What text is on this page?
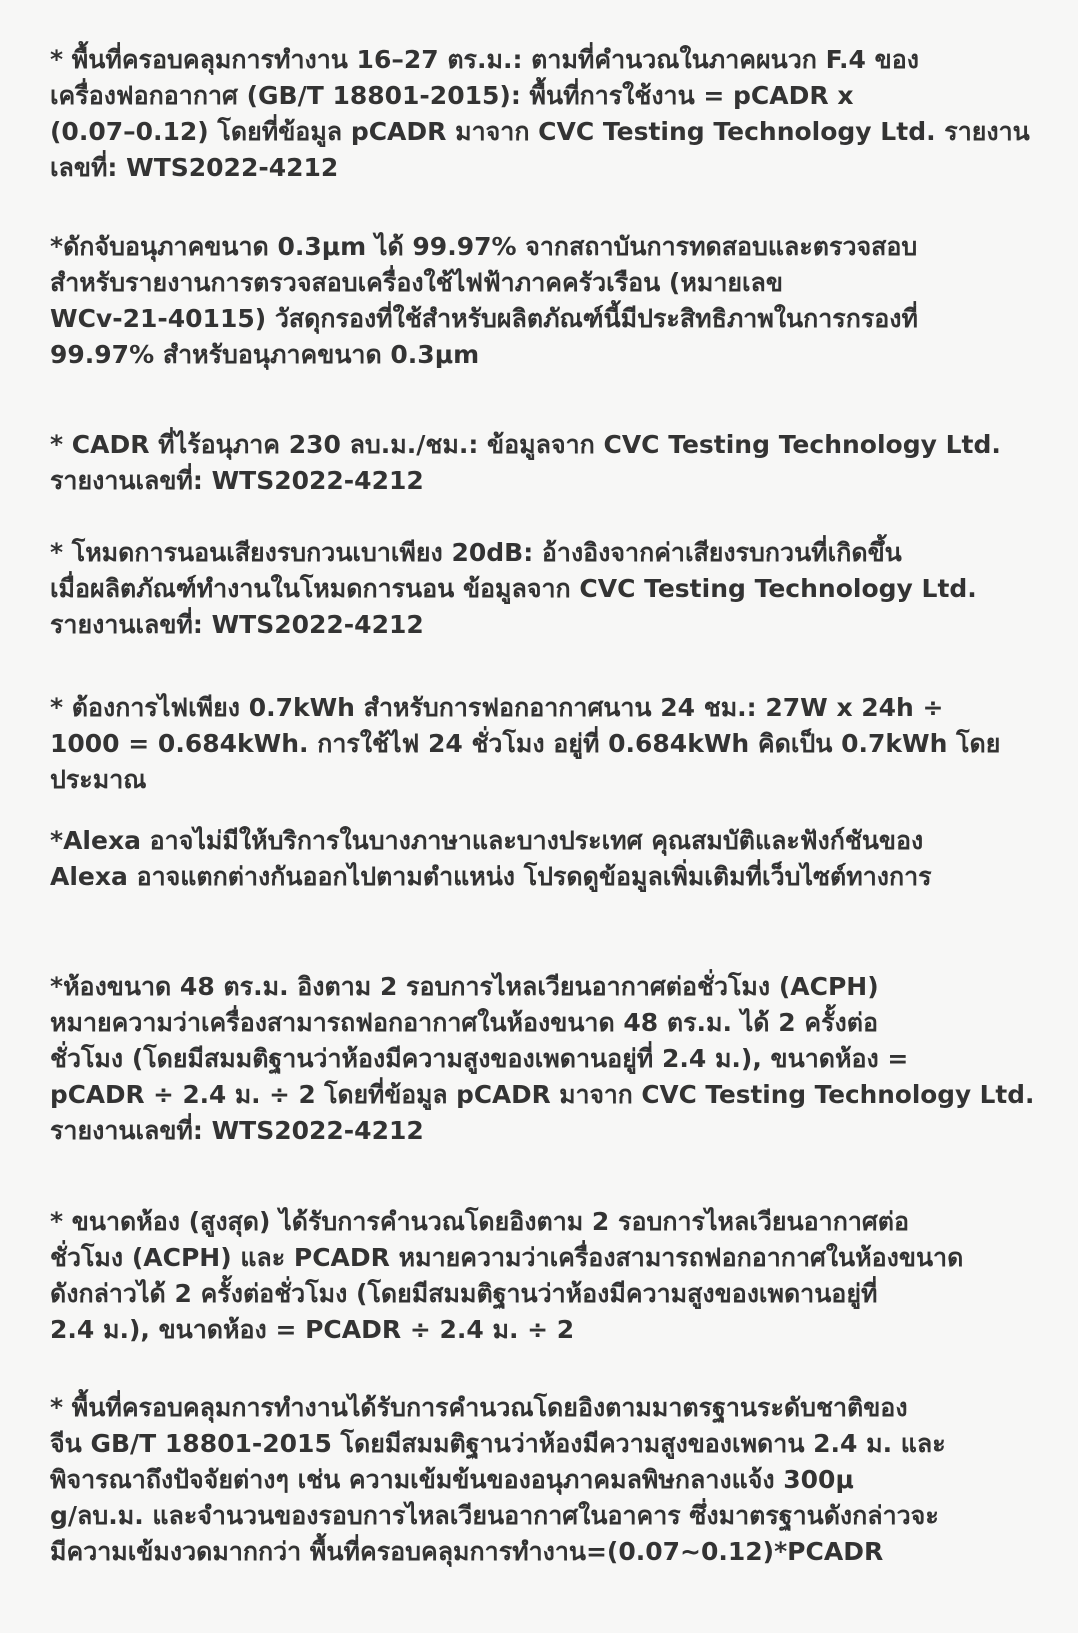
* พื้นที่ครอบคลุมการทำงาน 16–27 ตร.ม.: ตามที่คำนวณในภาคผนวก F.4 ของ
เครื่องฟอกอากาศ (GB/T 18801-2015): พื้นที่การใช้งาน = pCADR x
(0.07–0.12) โดยที่ข้อมูล pCADR มาจาก CVC Testing Technology Ltd. รายงาน
เลขที่: WTS2022-4212
*ดักจับอนุภาคขนาด 0.3μm ได้ 99.97% จากสถาบันการทดสอบและตรวจสอบ
สำหรับรายงานการตรวจสอบเครื่องใช้ไฟฟ้าภาคครัวเรือน (หมายเลข
WCv-21-40115) วัสดุกรองที่ใช้สำหรับผลิตภัณฑ์นี้มีประสิทธิภาพในการกรองที่
99.97% สำหรับอนุภาคขนาด 0.3μm
* CADR ที่ไร้อนุภาค 230 ลบ.ม./ชม.: ข้อมูลจาก CVC Testing Technology Ltd.
รายงานเลขที่: WTS2022-4212
* โหมดการนอนเสียงรบกวนเบาเพียง 20dB: อ้างอิงจากค่าเสียงรบกวนที่เกิดขึ้น
เมื่อผลิตภัณฑ์ทำงานในโหมดการนอน ข้อมูลจาก CVC Testing Technology Ltd.
รายงานเลขที่: WTS2022-4212
* ต้องการไฟเพียง 0.7kWh สำหรับการฟอกอากาศนาน 24 ชม.: 27W x 24h ÷
1000 = 0.684kWh. การใช้ไฟ 24 ชั่วโมง อยู่ที่ 0.684kWh คิดเป็น 0.7kWh โดย
ประมาณ
*Alexa อาจไม่มีให้บริการในบางภาษาและบางประเทศ คุณสมบัติและฟังก์ชันของ
Alexa อาจแตกต่างกันออกไปตามตำแหน่ง โปรดดูข้อมูลเพิ่มเติมที่เว็บไซต์ทางการ
*ห้องขนาด 48 ตร.ม. อิงตาม 2 รอบการไหลเวียนอากาศต่อชั่วโมง (ACPH)
หมายความว่าเครื่องสามารถฟอกอากาศในห้องขนาด 48 ตร.ม. ได้ 2 ครั้งต่อ
ชั่วโมง (โดยมีสมมติฐานว่าห้องมีความสูงของเพดานอยู่ที่ 2.4 ม.), ขนาดห้อง =
pCADR ÷ 2.4 ม. ÷ 2 โดยที่ข้อมูล pCADR มาจาก CVC Testing Technology Ltd.
รายงานเลขที่: WTS2022-4212
* ขนาดห้อง (สูงสุด) ได้รับการคำนวณโดยอิงตาม 2 รอบการไหลเวียนอากาศต่อ
ชั่วโมง (ACPH) และ PCADR หมายความว่าเครื่องสามารถฟอกอากาศในห้องขนาด
ดังกล่าวได้ 2 ครั้งต่อชั่วโมง (โดยมีสมมติฐานว่าห้องมีความสูงของเพดานอยู่ที่
2.4 ม.), ขนาดห้อง = PCADR ÷ 2.4 ม. ÷ 2
* พื้นที่ครอบคลุมการทำงานได้รับการคำนวณโดยอิงตามมาตรฐานระดับชาติของ
จีน GB/T 18801-2015 โดยมีสมมติฐานว่าห้องมีความสูงของเพดาน 2.4 ม. และ
พิจารณาถึงปัจจัยต่างๆ เช่น ความเข้มข้นของอนุภาคมลพิษกลางแจ้ง 300μ
g/ลบ.ม. และจำนวนของรอบการไหลเวียนอากาศในอาคาร ซึ่งมาตรฐานดังกล่าวจะ
มีความเข้มงวดมากกว่า พื้นที่ครอบคลุมการทำงาน=(0.07~0.12)*PCADR
